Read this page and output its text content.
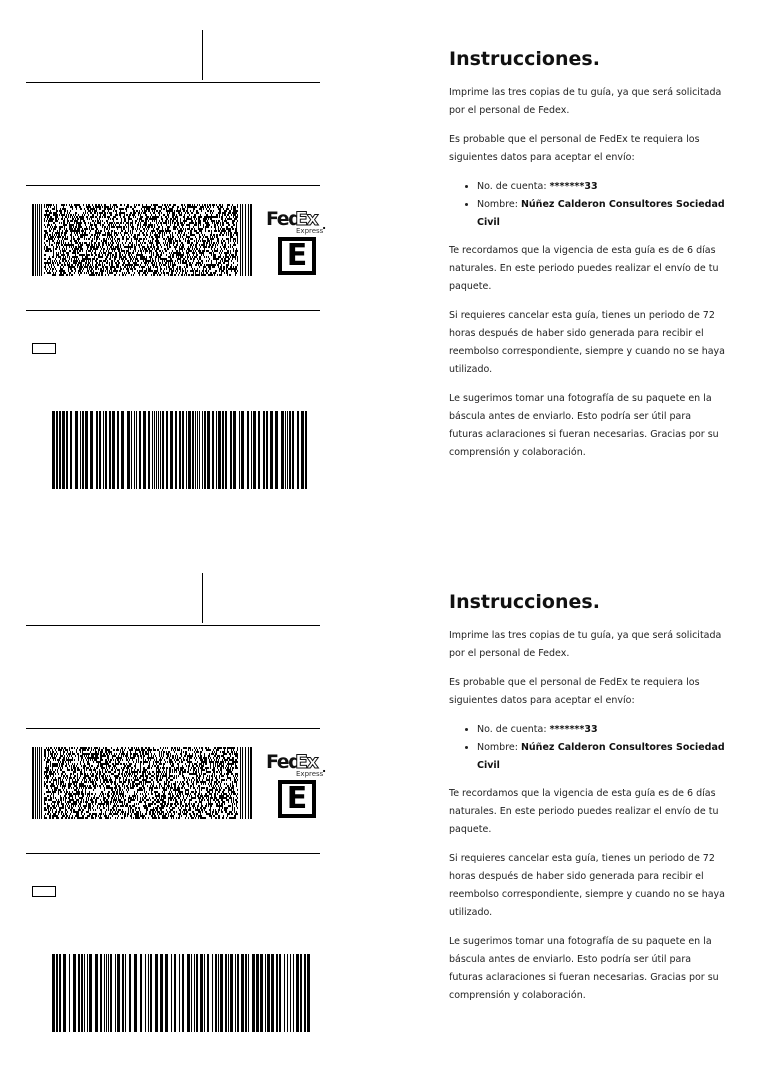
Fed
Ex .
Express
E
Instrucciones.

Imprime las tres copias de tu guía, ya que será solicitada por el personal de Fedex.

Es probable que el personal de FedEx te requiera los siguientes datos para aceptar el envío:

• No. de cuenta: *******33
• Nombre: Núñez Calderon Consultores Sociedad Civil

Te recordamos que la vigencia de esta guía es de 6 días naturales. En este periodo puedes realizar el envío de tu paquete.

Si requieres cancelar esta guía, tienes un periodo de 72 horas después de haber sido generada para recibir el reembolso correspondiente, siempre y cuando no se haya utilizado.

Le sugerimos tomar una fotografía de su paquete en la báscula antes de enviarlo. Esto podría ser útil para futuras aclaraciones si fueran necesarias. Gracias por su comprensión y colaboración.

Fed
Ex .
Express
E
Instrucciones.

Imprime las tres copias de tu guía, ya que será solicitada por el personal de Fedex.

Es probable que el personal de FedEx te requiera los siguientes datos para aceptar el envío:

• No. de cuenta: *******33
• Nombre: Núñez Calderon Consultores Sociedad Civil

Te recordamos que la vigencia de esta guía es de 6 días naturales. En este periodo puedes realizar el envío de tu paquete.

Si requieres cancelar esta guía, tienes un periodo de 72 horas después de haber sido generada para recibir el reembolso correspondiente, siempre y cuando no se haya utilizado.

Le sugerimos tomar una fotografía de su paquete en la báscula antes de enviarlo. Esto podría ser útil para futuras aclaraciones si fueran necesarias. Gracias por su comprensión y colaboración.
